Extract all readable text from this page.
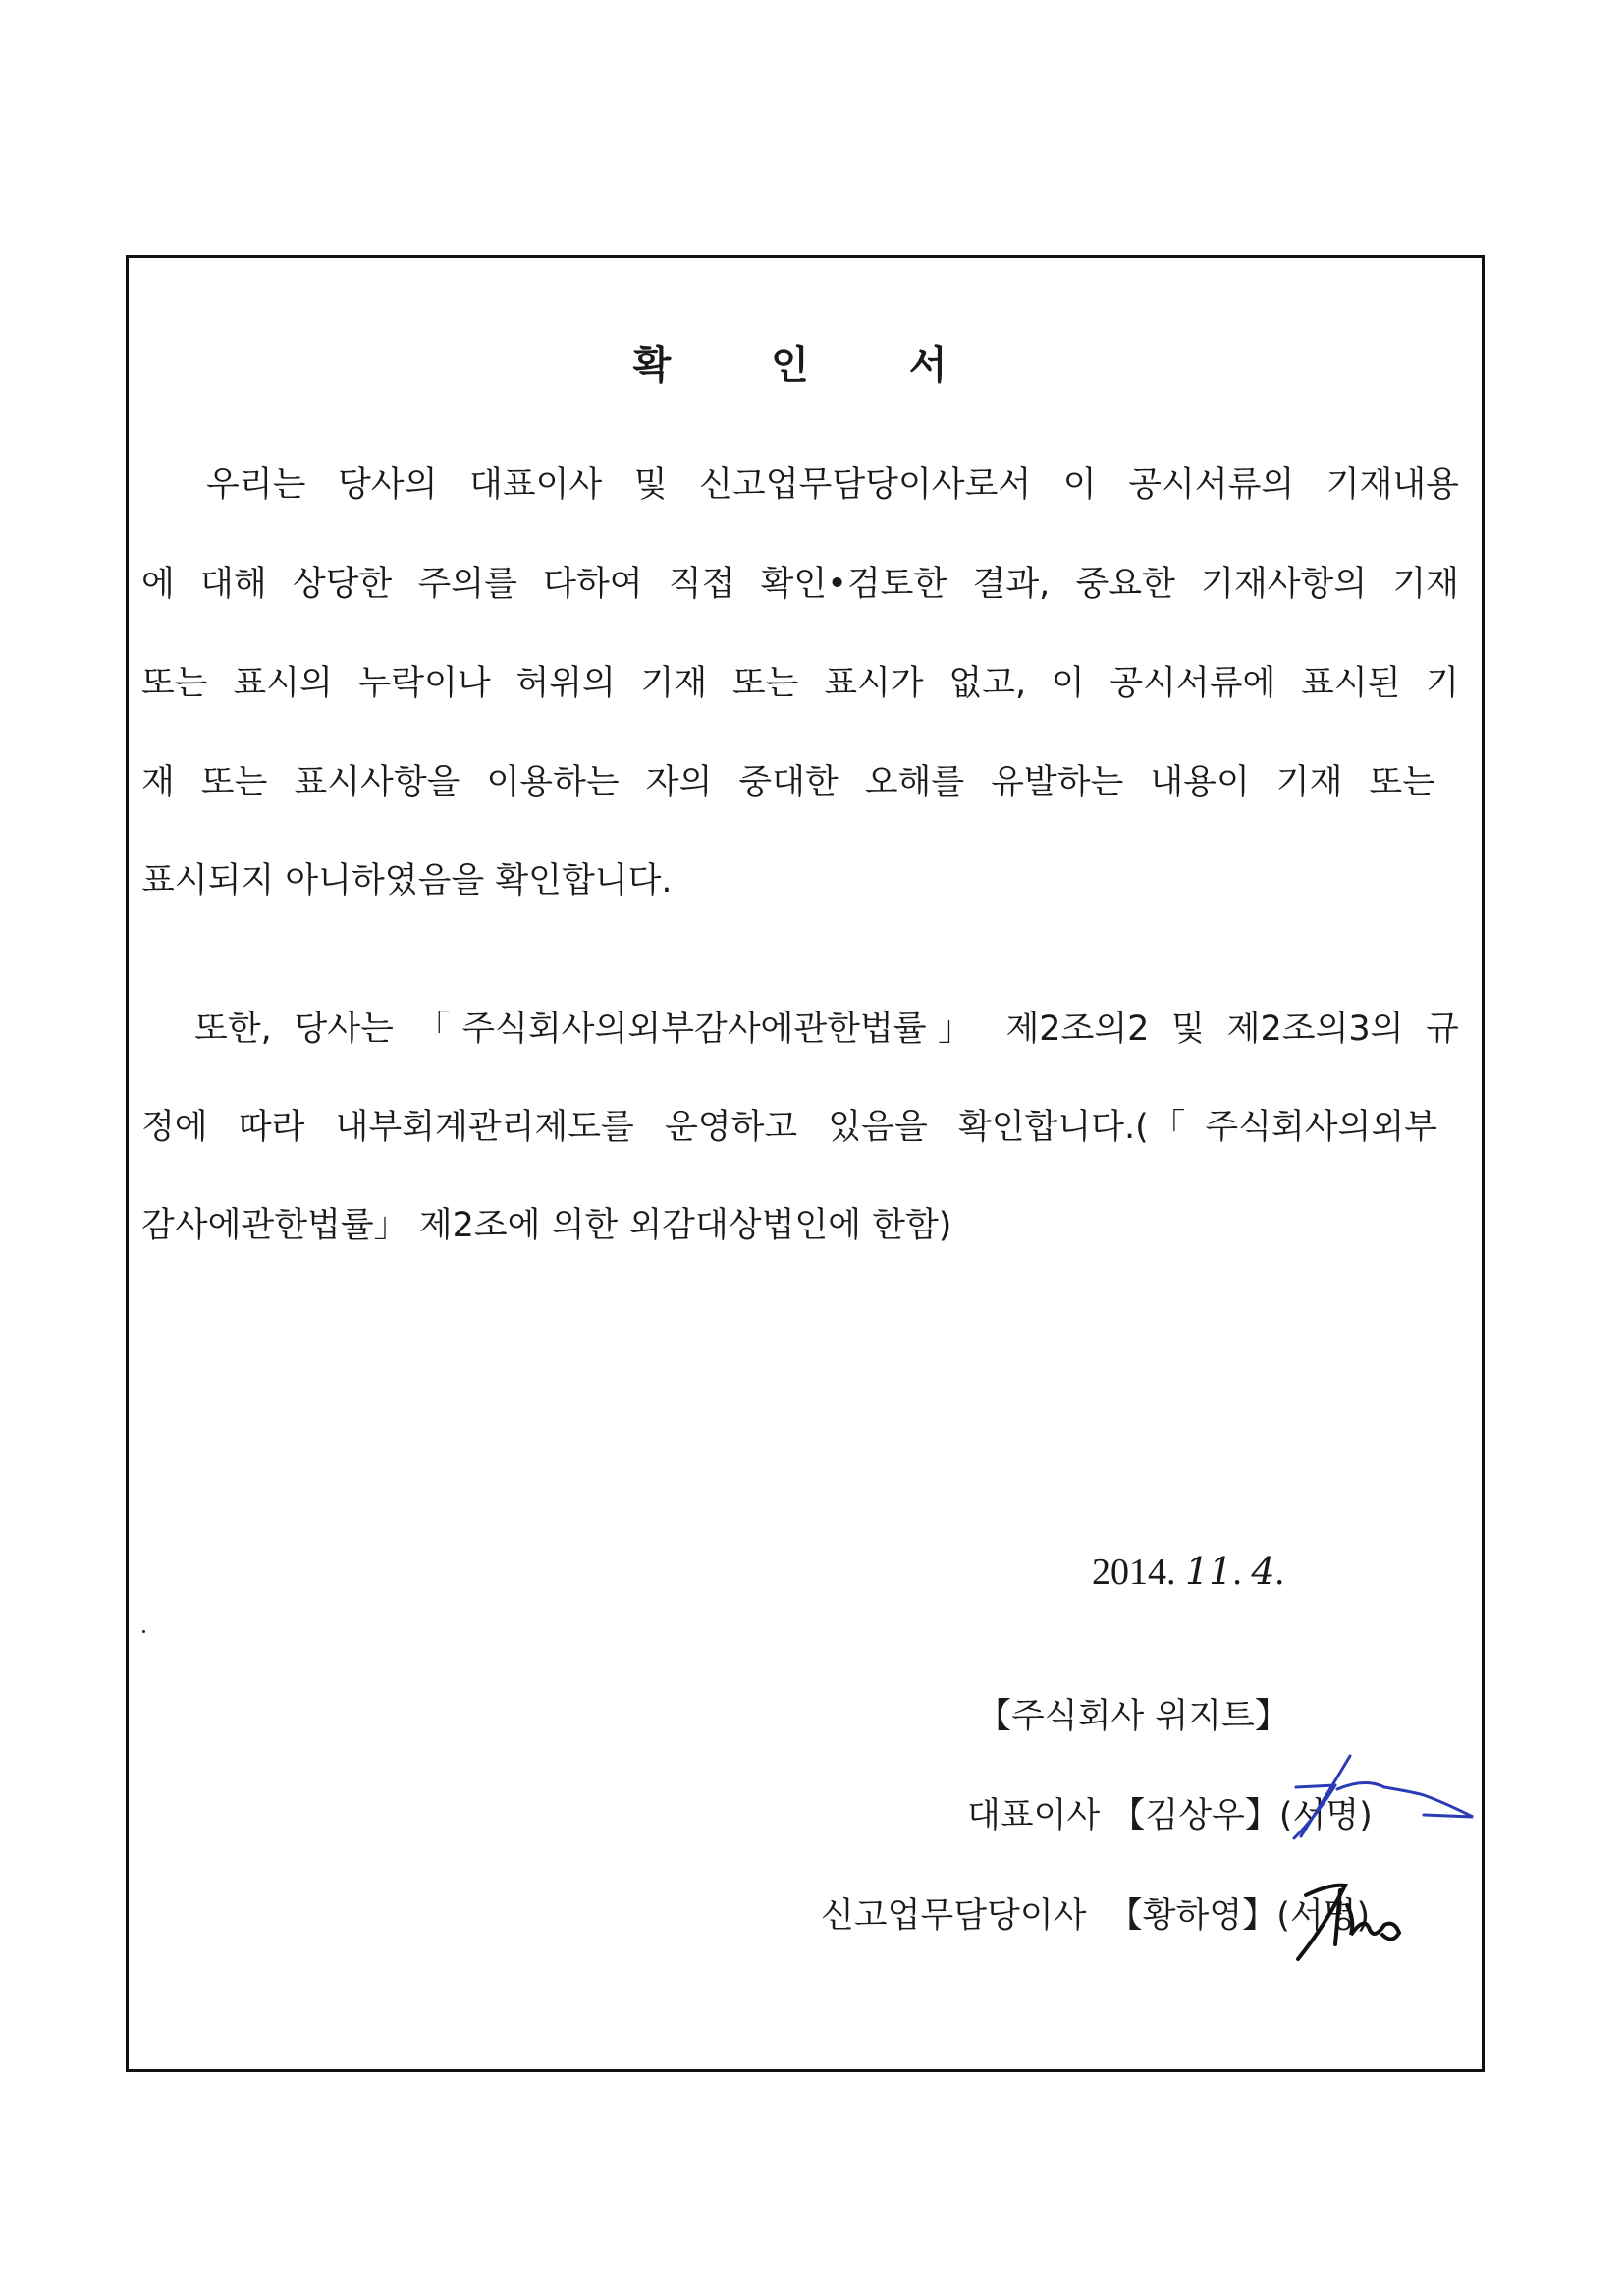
확 인 서
우리는 당사의 대표이사 및 신고업무담당이사로서 이 공시서류의 기재내용
에 대해 상당한 주의를 다하여 직접 확인•검토한 결과, 중요한 기재사항의 기재
또는 표시의 누락이나 허위의 기재 또는 표시가 없고, 이 공시서류에 표시된 기
재 또는 표시사항을 이용하는 자의 중대한 오해를 유발하는 내용이 기재 또는
표시되지 아니하였음을 확인합니다.
또한, 당사는 「주식회사의외부감사에관한법률」 제2조의2 및 제2조의3의 규
정에 따라 내부회계관리제도를 운영하고 있음을 확인합니다.(「주식회사의외부
감사에관한법률」 제2조에 의한 외감대상법인에 한함)
2014. 11. 4.
【주식회사 위지트】
대표이사 【김상우】(서명)
신고업무담당이사 【황하영】(서명)
